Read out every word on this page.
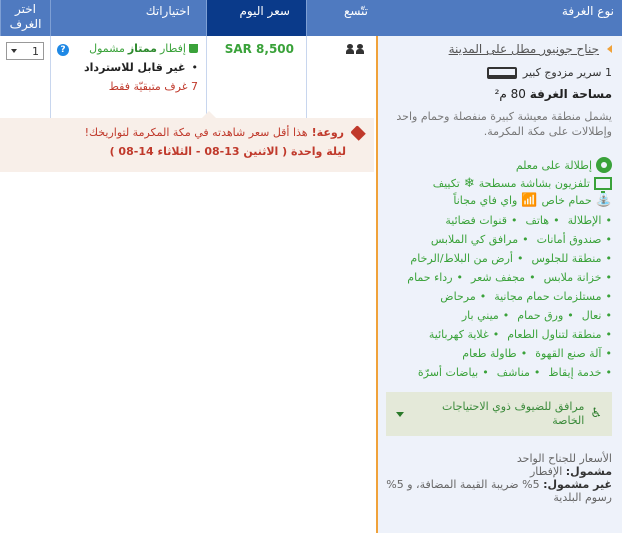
نوع الغرفة
تتّسع
سعر اليوم
اختياراتك
اختر الغرف
جناح جونيور مطل على المدينة
1 سرير مزدوج كبير
مساحة الغرفة 80 م²
يشمل منطقة معيشة كبيرة منفصلة وحمام واحد وإطلالات على مكة المكرمة.
إطلالة على معلم
تلفزيون بشاشة مسطحة
❄
تكييف
⛲
حمام خاص
📶
واي فاي مجاناً
• الإطلالة• هاتف• قنوات فضائية
• صندوق أمانات• مرافق كي الملابس
• منطقة للجلوس• أرض من البلاط/الرخام
• خزانة ملابس• مجفف شعر• رداء حمام
• مستلزمات حمام مجانية• مرحاض
• نعال• ورق حمام• ميني بار
• منطقة لتناول الطعام• غلاية كهربائية
• آلة صنع القهوة• طاولة طعام
• خدمة إيقاظ• مناشف• بياضات أسرّة
♿
مرافق للضيوف ذوي الاحتياجات الخاصة
الأسعار للجناح الواحد
مشمول: الإفطار
غير مشمول: 5% ضريبة القيمة المضافة، و 5% رسوم البلدية
SAR 8,500
إفطار
ممتاز
مشمول
• غير قابل للاسترداد
7 غرف متبقيّة فقط
?
1
روعة!
هذا أقل سعر شاهدته في مكة المكرمة لتواريخك!
ليلة واحدة ( الاثنين 13-08 - الثلاثاء 14-08 )
